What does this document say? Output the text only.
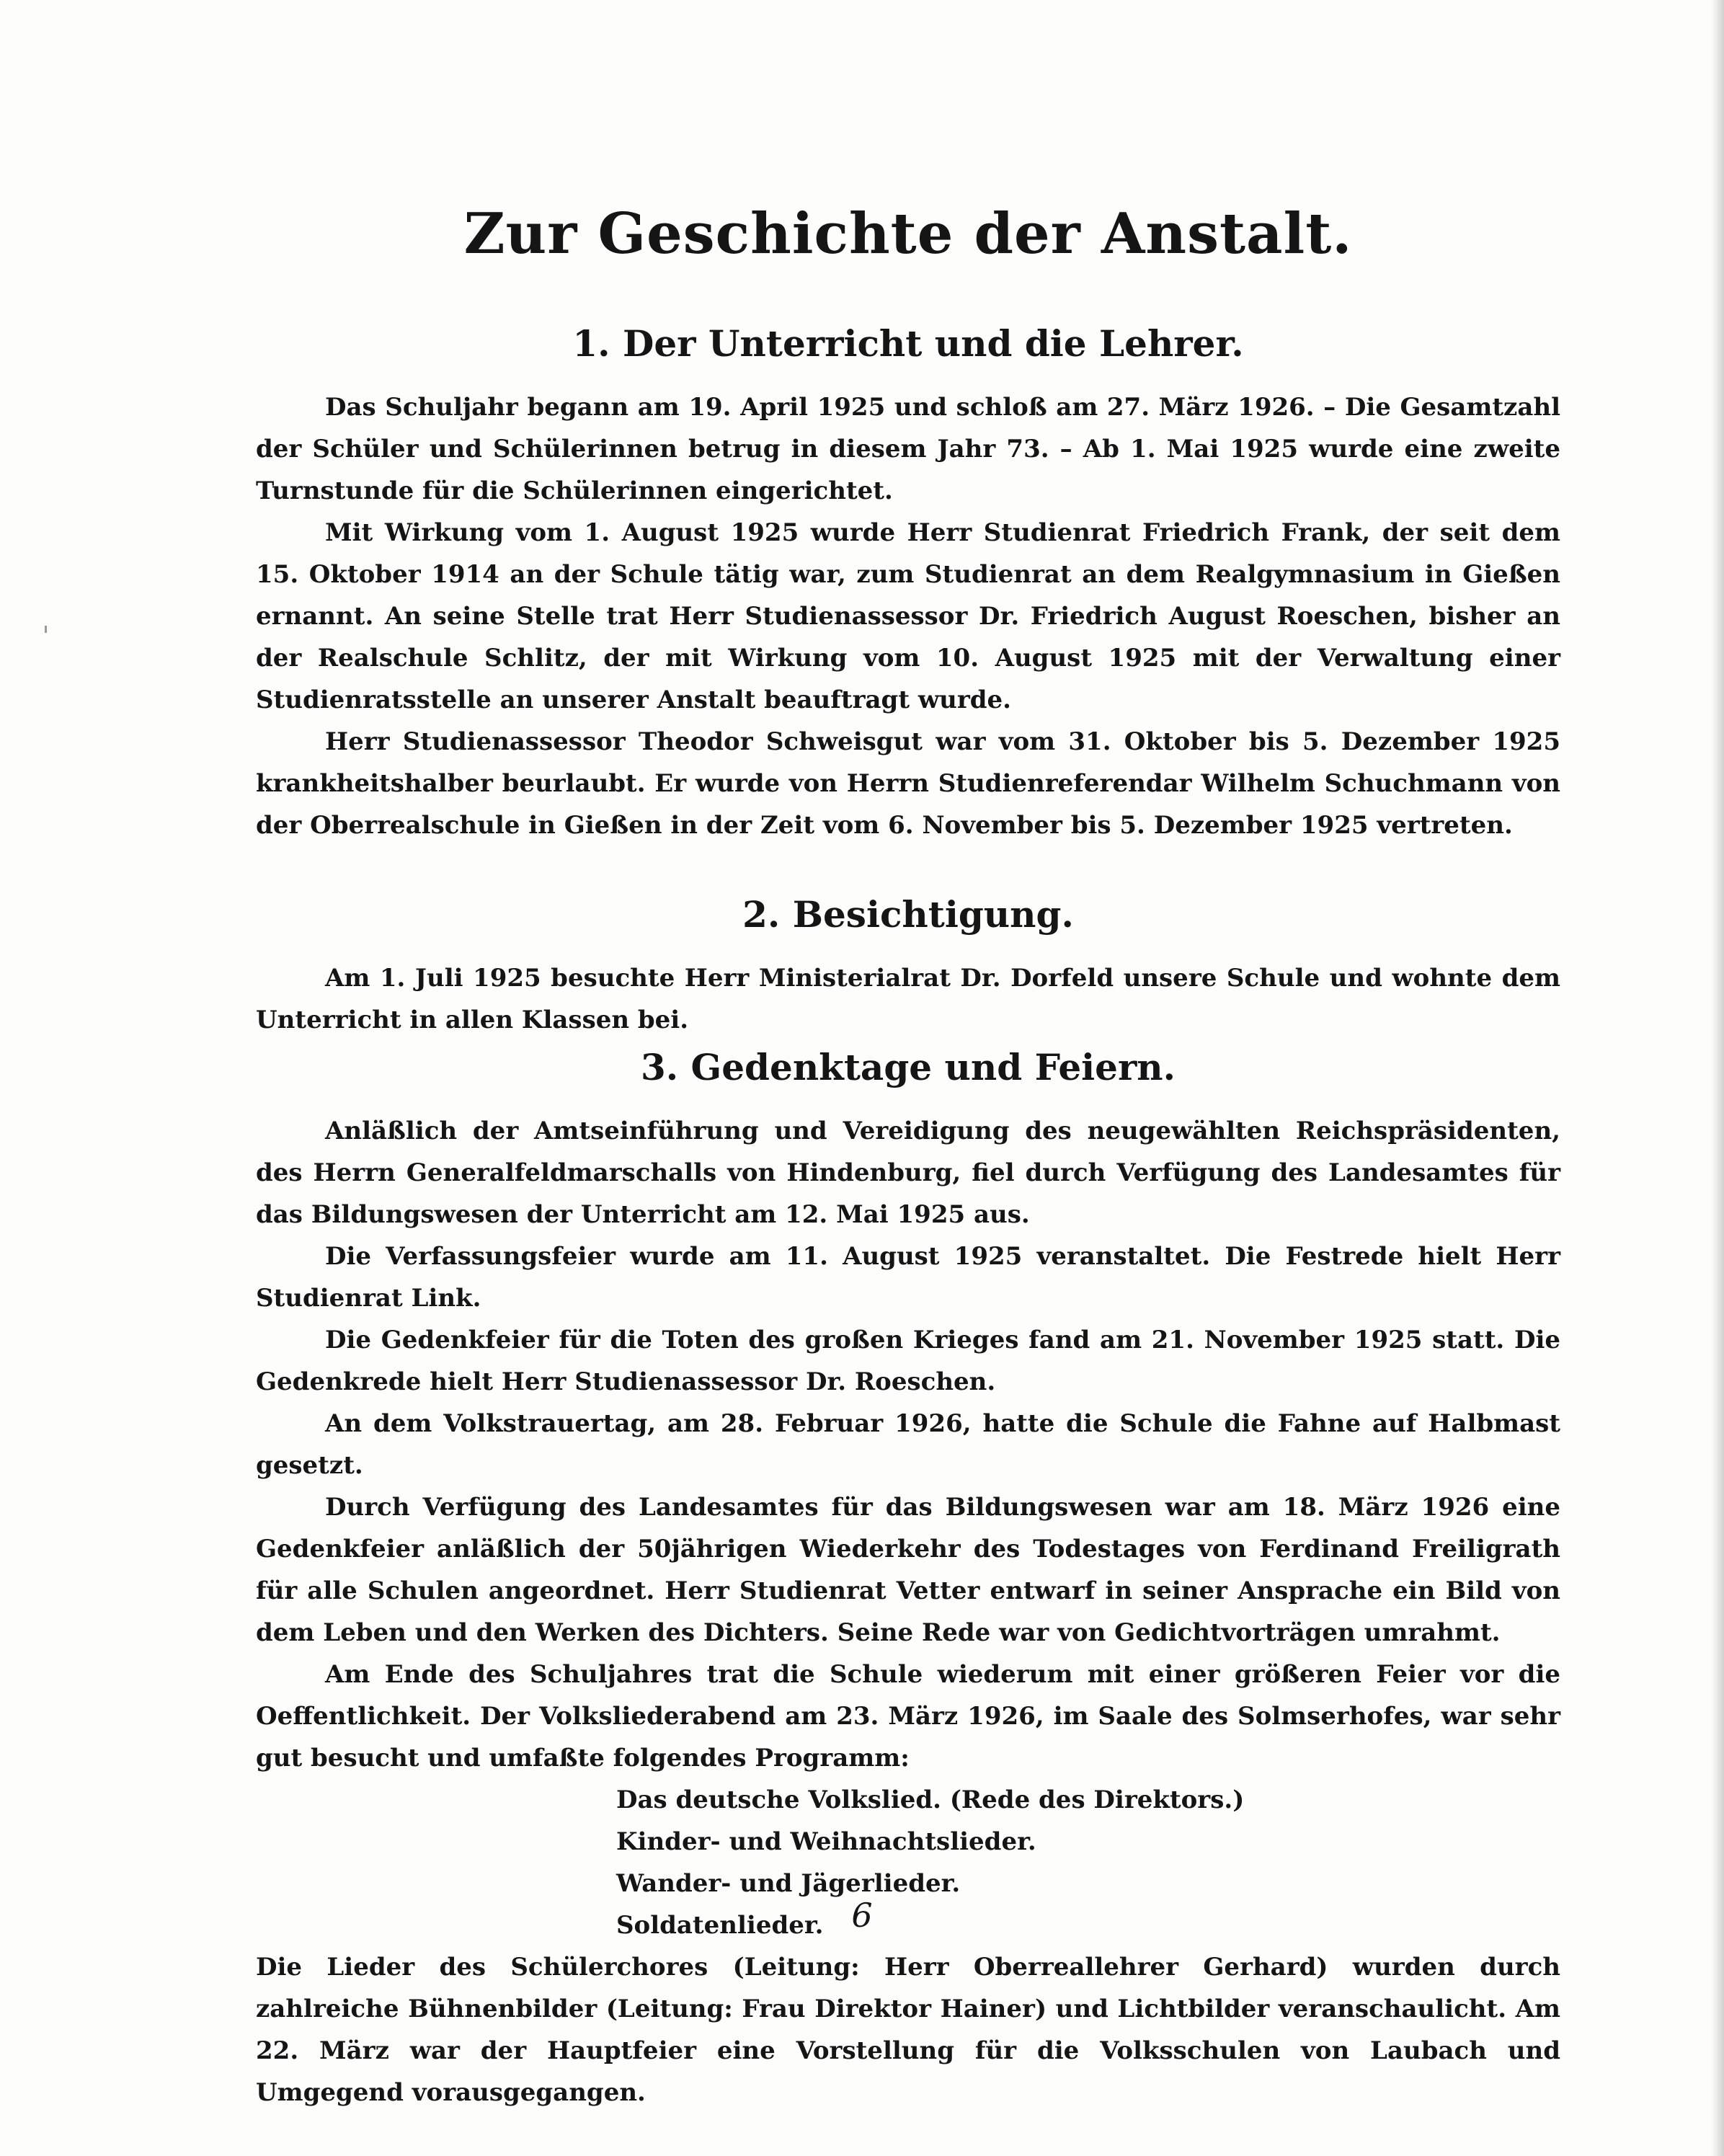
Zur Geschichte der Anstalt.
1. Der Unterricht und die Lehrer.

Das Schuljahr begann am 19. April 1925 und schloß am 27. März 1926. – Die Gesamtzahl der Schüler und Schülerinnen betrug in diesem Jahr 73. – Ab 1. Mai 1925 wurde eine zweite Turnstunde für die Schülerinnen eingerichtet.

Mit Wirkung vom 1. August 1925 wurde Herr Studienrat Friedrich Frank, der seit dem 15. Oktober 1914 an der Schule tätig war, zum Studienrat an dem Realgymnasium in Gießen ernannt. An seine Stelle trat Herr Studienassessor Dr. Friedrich August Roeschen, bisher an der Realschule Schlitz, der mit Wirkung vom 10. August 1925 mit der Verwaltung einer Studienratsstelle an unserer Anstalt beauftragt wurde.

Herr Studienassessor Theodor Schweisgut war vom 31. Oktober bis 5. Dezember 1925 krankheitshalber beurlaubt. Er wurde von Herrn Studienreferendar Wilhelm Schuchmann von der Oberrealschule in Gießen in der Zeit vom 6. November bis 5. Dezember 1925 vertreten.

2. Besichtigung.

Am 1. Juli 1925 besuchte Herr Ministerialrat Dr. Dorfeld unsere Schule und wohnte dem Unterricht in allen Klassen bei.

3. Gedenktage und Feiern.

Anläßlich der Amtseinführung und Vereidigung des neugewählten Reichspräsidenten, des Herrn Generalfeldmarschalls von Hindenburg, fiel durch Verfügung des Landesamtes für das Bildungswesen der Unterricht am 12. Mai 1925 aus.

Die Verfassungsfeier wurde am 11. August 1925 veranstaltet. Die Festrede hielt Herr Studienrat Link.

Die Gedenkfeier für die Toten des großen Krieges fand am 21. November 1925 statt. Die Gedenkrede hielt Herr Studienassessor Dr. Roeschen.

An dem Volkstrauertag, am 28. Februar 1926, hatte die Schule die Fahne auf Halbmast gesetzt.

Durch Verfügung des Landesamtes für das Bildungswesen war am 18. März 1926 eine Gedenkfeier anläßlich der 50jährigen Wiederkehr des Todestages von Ferdinand Freiligrath für alle Schulen angeordnet. Herr Studienrat Vetter entwarf in seiner Ansprache ein Bild von dem Leben und den Werken des Dichters. Seine Rede war von Gedichtvorträgen umrahmt.

Am Ende des Schuljahres trat die Schule wiederum mit einer größeren Feier vor die Oeffentlichkeit. Der Volksliederabend am 23. März 1926, im Saale des Solmserhofes, war sehr gut besucht und umfaßte folgendes Programm:

Das deutsche Volkslied. (Rede des Direktors.)
Kinder- und Weihnachtslieder.
Wander- und Jägerlieder.
Soldatenlieder.

Die Lieder des Schülerchores (Leitung: Herr Oberreallehrer Gerhard) wurden durch zahlreiche Bühnenbilder (Leitung: Frau Direktor Hainer) und Lichtbilder veranschaulicht. Am 22. März war der Hauptfeier eine Vorstellung für die Volksschulen von Laubach und Umgegend vorausgegangen.

6
